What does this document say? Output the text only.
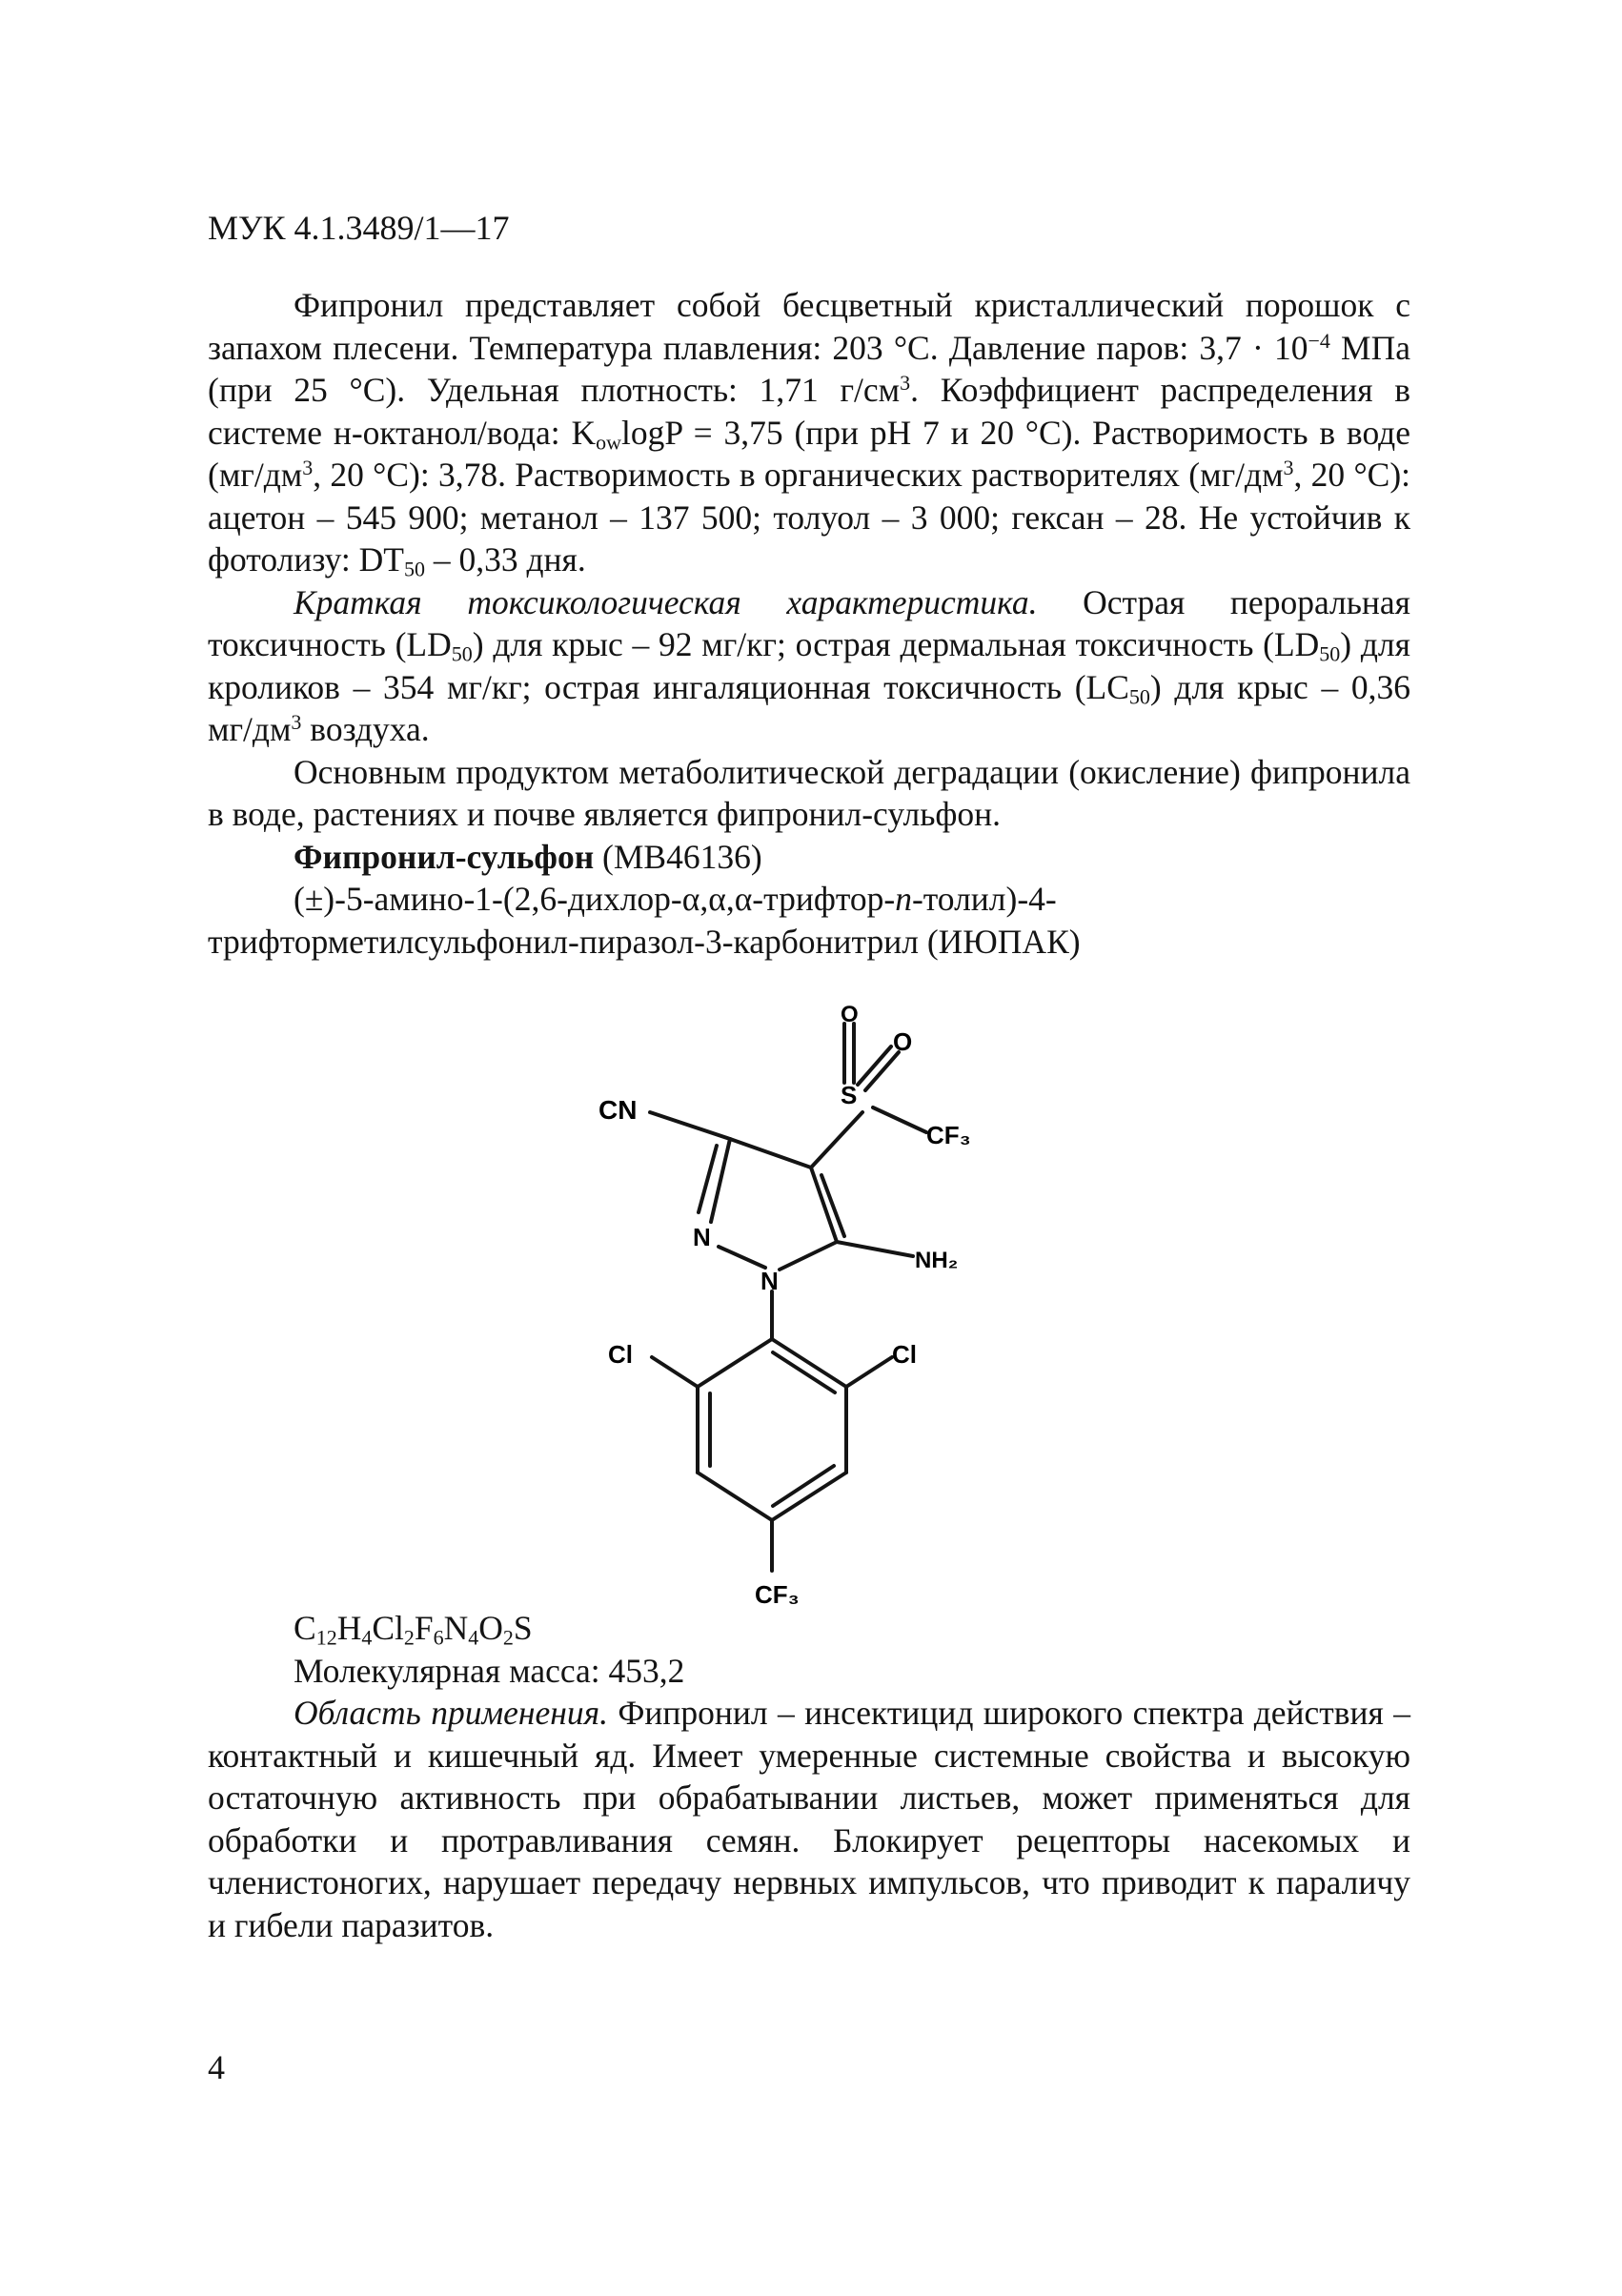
МУК 4.1.3489/1—17

Фипронил представляет собой бесцветный кристаллический порошок с запахом плесени. Температура плавления: 203 °С. Давление паров: $3,7 \cdot 10^{-4}$ МПа (при 25 °С). Удельная плотность: 1,71 $г/см^3$. Коэффициент распределения в системе н-октанол/вода: $K_{ow}\log P = 3,75$ (при pH 7 и 20 °С). Растворимость в воде ($мг/дм^3$, 20 °С): 3,78. Растворимость в органических растворителях ($мг/дм^3$, 20 °С): ацетон – 545 900; метанол – 137 500; толуол – 3 000; гексан – 28. Не устойчив к фотолизу: $DT_{50} - 0,33$ дня.

Краткая токсикологическая характеристика. Острая пероральная токсичность $(LD_{50})$ для крыс – 92 мг/кг; острая дермальная токсичность $(LD_{50})$ для кроликов – 354 мг/кг; острая ингаляционная токсичность $(LC_{50})$ для крыс – 0,36 $мг/дм^3$ воздуха.

Основным продуктом метаболитической деградации (окисление) фипронила в воде, растениях и почве является фипронил-сульфон.

Фипронил-сульфон (МВ46136)

(±)-5-амино-1-(2,6-дихлор-α,α,α-трифтор-n-толил)-4-

трифторметилсульфонил-пиразол-3-карбонитрил (ИЮПАК)

CN
N
N
S
O
O
CF₃
NH₂
Cl	Cl
CF₃

$C_{12}H_4Cl_2F_6N_4O_2S$

Молекулярная масса: 453,2

Область применения. Фипронил – инсектицид широкого спектра действия – контактный и кишечный яд. Имеет умеренные системные свойства и высокую остаточную активность при обрабатывании листьев, может применяться для обработки и протравливания семян. Блокирует рецепторы насекомых и членистоногих, нарушает передачу нервных импульсов, что приводит к параличу и гибели паразитов.

4
